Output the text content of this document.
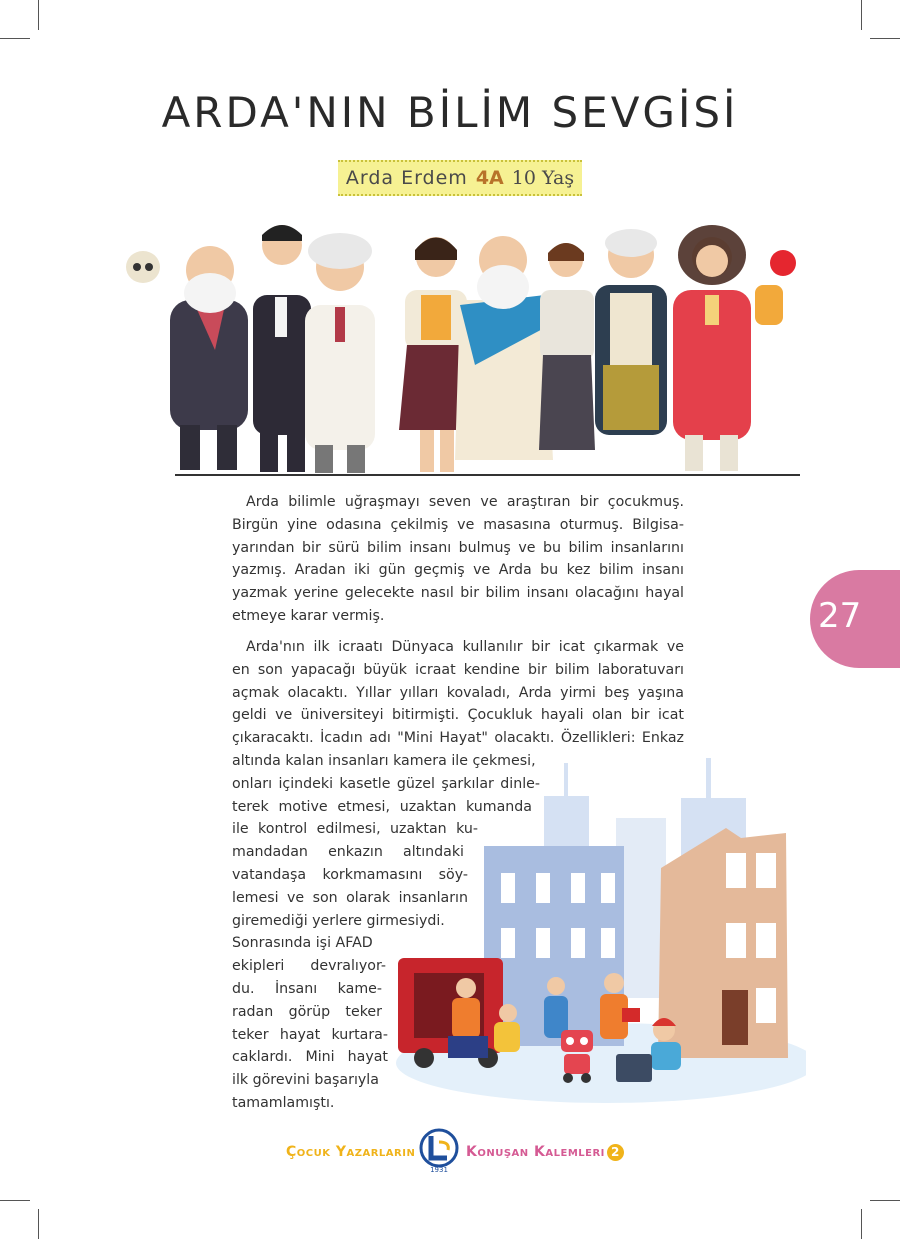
ARDA'NIN BİLİM SEVGİSİ
Arda Erdem 4A 10 Yaş
Arda bilimle uğraşmayı seven ve araştıran bir çocukmuş.
Birgün yine odasına çekilmiş ve masasına oturmuş. Bilgisa-
yarından bir sürü bilim insanı bulmuş ve bu bilim insanlarını
yazmış. Aradan iki gün geçmiş ve Arda bu kez bilim insanı
yazmak yerine gelecekte nasıl bir bilim insanı olacağını hayal
etmeye karar vermiş.
Arda'nın ilk icraatı Dünyaca kullanılır bir icat çıkarmak ve
en son yapacağı büyük icraat kendine bir bilim laboratuvarı
açmak olacaktı. Yıllar yılları kovaladı, Arda yirmi beş yaşına
geldi ve üniversiteyi bitirmişti. Çocukluk hayali olan bir icat
çıkaracaktı. İcadın adı "Mini Hayat" olacaktı. Özellikleri: Enkaz
altında kalan insanları kamera ile çekmesi,
onları içindeki kasetle güzel şarkılar dinle-
terek motive etmesi, uzaktan kumanda
ile kontrol edilmesi, uzaktan ku-
mandadan enkazın altındaki
vatandaşa korkmamasını söy-
lemesi ve son olarak insanların
giremediği yerlere girmesiydi.
Sonrasında işi AFAD
ekipleri devralıyor-
du. İnsanı kame-
radan görüp teker
teker hayat kurtara-
caklardı. Mini hayat
ilk görevini başarıyla
tamamlamıştı.
27
Çocuk Yazarların
1931
Konuşan Kalemleri 2
